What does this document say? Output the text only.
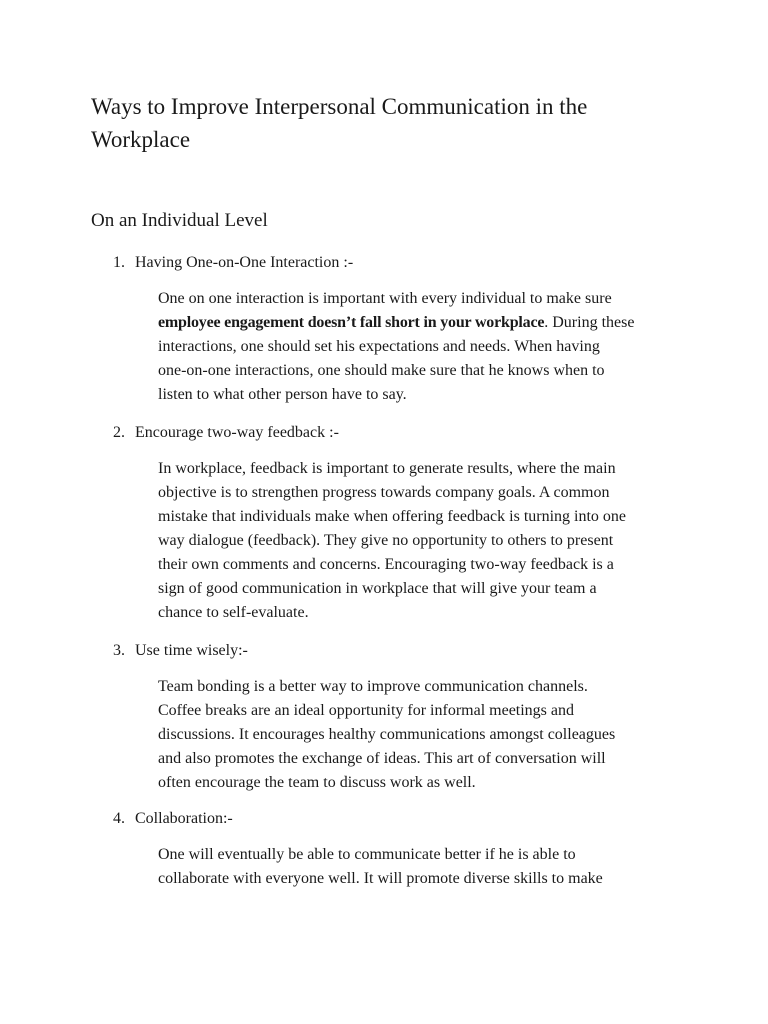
Ways to Improve Interpersonal Communication in the
Workplace
On an Individual Level

1. Having One-on-One Interaction :-

One on one interaction is important with every individual to make sure
employee engagement doesn’t fall short in your workplace. During these
interactions, one should set his expectations and needs. When having
one-on-one interactions, one should make sure that he knows when to
listen to what other person have to say.

2. Encourage two-way feedback :-

In workplace, feedback is important to generate results, where the main
objective is to strengthen progress towards company goals. A common
mistake that individuals make when offering feedback is turning into one
way dialogue (feedback). They give no opportunity to others to present
their own comments and concerns. Encouraging two-way feedback is a
sign of good communication in workplace that will give your team a
chance to self-evaluate.

3. Use time wisely:-

Team bonding is a better way to improve communication channels.
Coffee breaks are an ideal opportunity for informal meetings and
discussions. It encourages healthy communications amongst colleagues
and also promotes the exchange of ideas. This art of conversation will
often encourage the team to discuss work as well.

4. Collaboration:-

One will eventually be able to communicate better if he is able to
collaborate with everyone well. It will promote diverse skills to make
